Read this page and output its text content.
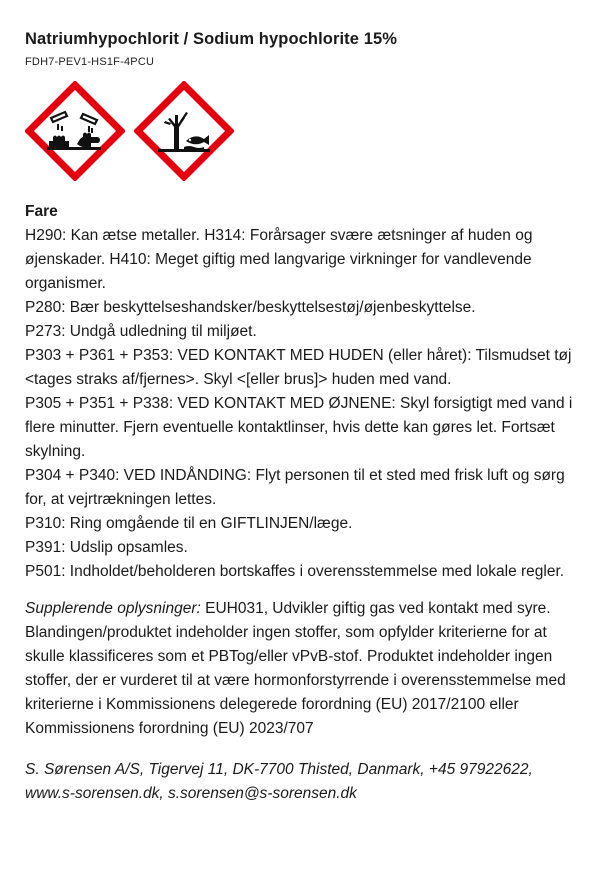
Natriumhypochlorit / Sodium hypochlorite 15%
FDH7-PEV1-HS1F-4PCU
Fare

H290: Kan ætse metaller. H314: Forårsager svære ætsninger af huden og øjenskader. H410: Meget giftig med langvarige virkninger for vandlevende organismer.

P280: Bær beskyttelseshandsker/beskyttelsestøj/øjenbeskyttelse.

P273: Undgå udledning til miljøet.

P303 + P361 + P353: VED KONTAKT MED HUDEN (eller håret): Tilsmudset tøj <tages straks af/fjernes>. Skyl <[eller brus]> huden med vand.

P305 + P351 + P338: VED KONTAKT MED ØJNENE: Skyl forsigtigt med vand i flere minutter. Fjern eventuelle kontaktlinser, hvis dette kan gøres let. Fortsæt skylning.

P304 + P340: VED INDÅNDING: Flyt personen til et sted med frisk luft og sørg for, at vejrtrækningen lettes.

P310: Ring omgående til en GIFTLINJEN/læge.

P391: Udslip opsamles.

P501: Indholdet/beholderen bortskaffes i overensstemmelse med lokale regler.

Supplerende oplysninger: EUH031, Udvikler giftig gas ved kontakt med syre. Blandingen/produktet indeholder ingen stoffer, som opfylder kriterierne for at skulle klassificeres som et PBTog/eller vPvB-stof. Produktet indeholder ingen stoffer, der er vurderet til at være hormonforstyrrende i overensstemmelse med kriterierne i Kommissionens delegerede forordning (EU) 2017/2100 eller Kommissionens forordning (EU) 2023/707
S. Sørensen A/S, Tigervej 11, DK-7700 Thisted, Danmark, +45 97922622,
www.s-sorensen.dk, s.sorensen@s-sorensen.dk
